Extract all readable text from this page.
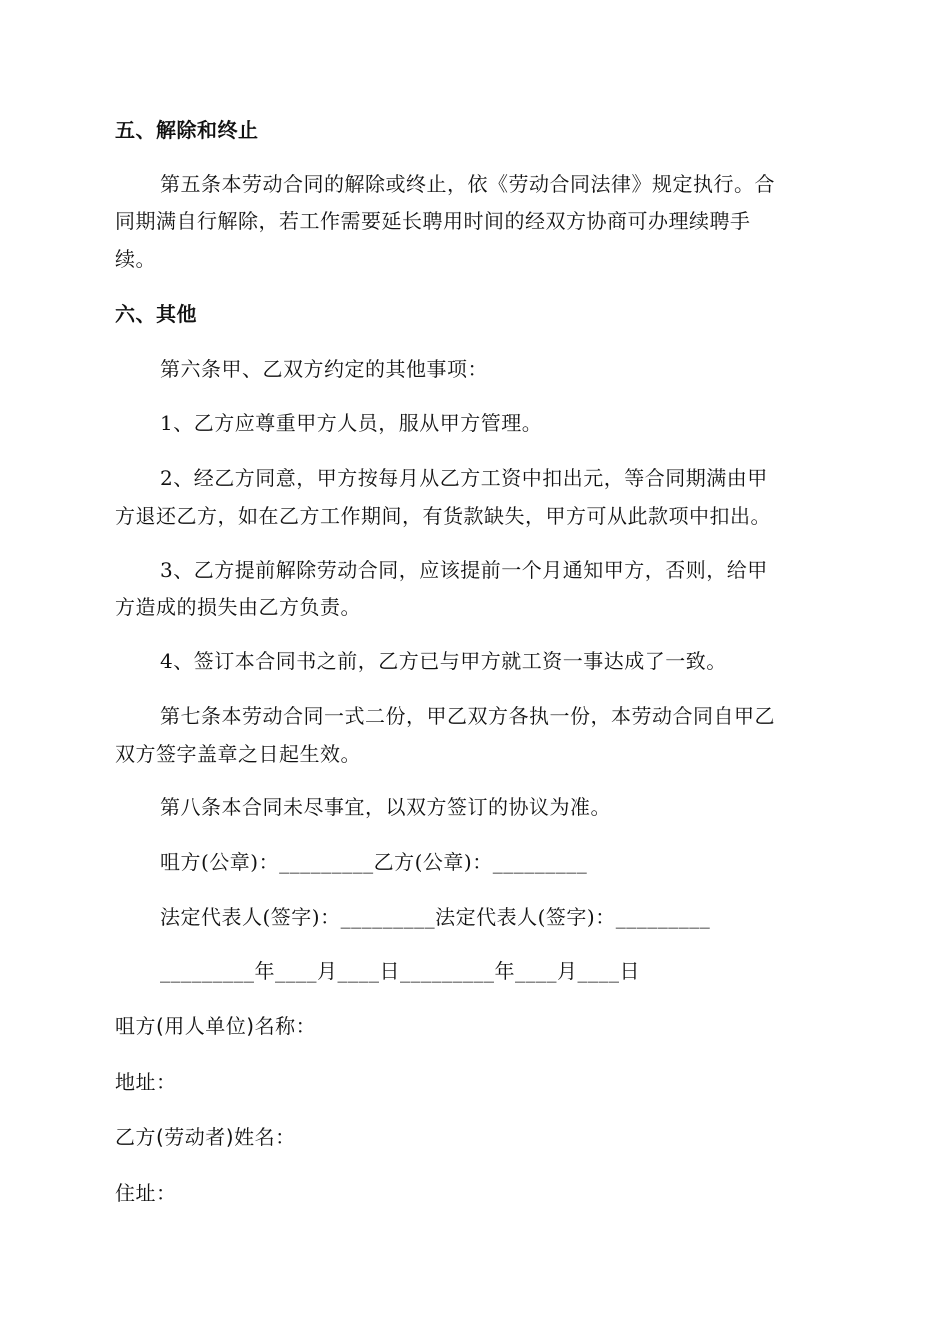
五、解除和终止
第五条本劳动合同的解除或终止，依《劳动合同法律》规定执行。合
同期满自行解除，若工作需要延长聘用时间的经双方协商可办理续聘手
续。
六、其他
第六条甲、乙双方约定的其他事项：
1、乙方应尊重甲方人员，服从甲方管理。
2、经乙方同意，甲方按每月从乙方工资中扣出元，等合同期满由甲
方退还乙方，如在乙方工作期间，有货款缺失，甲方可从此款项中扣出。
3、乙方提前解除劳动合同，应该提前一个月通知甲方，否则，给甲
方造成的损失由乙方负责。
4、签订本合同书之前，乙方已与甲方就工资一事达成了一致。
第七条本劳动合同一式二份，甲乙双方各执一份，本劳动合同自甲乙
双方签字盖章之日起生效。
第八条本合同未尽事宜，以双方签订的协议为准。
咀方(公章)：_________乙方(公章)：_________
法定代表人(签字)：_________法定代表人(签字)：_________
_________年____月____日_________年____月____日
咀方(用人单位)名称：
地址：
乙方(劳动者)姓名：
住址：
